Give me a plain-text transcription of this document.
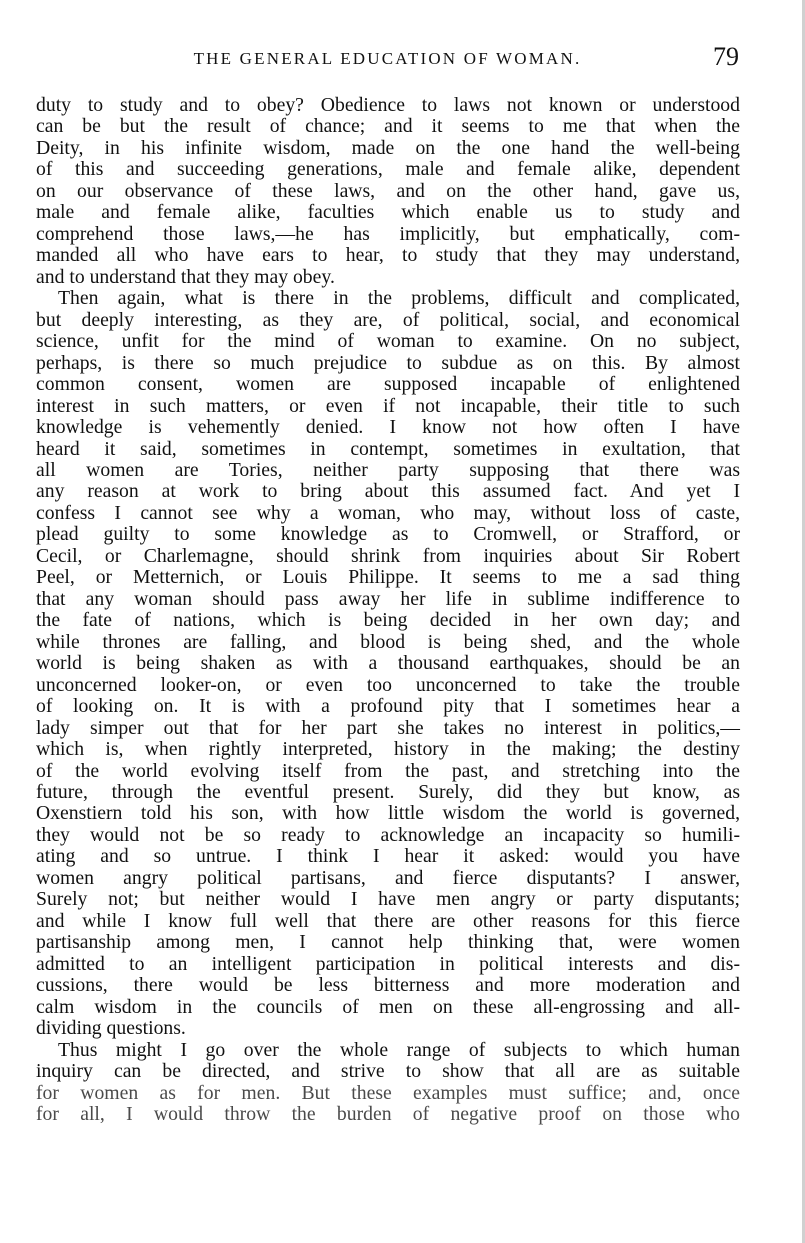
THE GENERAL EDUCATION OF WOMAN.	79
duty to study and to obey? Obedience to laws not known or understood
can be but the result of chance; and it seems to me that when the
Deity, in his infinite wisdom, made on the one hand the well-being
of this and succeeding generations, male and female alike, dependent
on our observance of these laws, and on the other hand, gave us,
male and female alike, faculties which enable us to study and
comprehend those laws,—he has implicitly, but emphatically, com-
manded all who have ears to hear, to study that they may understand,
and to understand that they may obey.
Then again, what is there in the problems, difficult and complicated,
but deeply interesting, as they are, of political, social, and economical
science, unfit for the mind of woman to examine. On no subject,
perhaps, is there so much prejudice to subdue as on this. By almost
common consent, women are supposed incapable of enlightened
interest in such matters, or even if not incapable, their title to such
knowledge is vehemently denied. I know not how often I have
heard it said, sometimes in contempt, sometimes in exultation, that
all women are Tories, neither party supposing that there was
any reason at work to bring about this assumed fact. And yet I
confess I cannot see why a woman, who may, without loss of caste,
plead guilty to some knowledge as to Cromwell, or Strafford, or
Cecil, or Charlemagne, should shrink from inquiries about Sir Robert
Peel, or Metternich, or Louis Philippe. It seems to me a sad thing
that any woman should pass away her life in sublime indifference to
the fate of nations, which is being decided in her own day; and
while thrones are falling, and blood is being shed, and the whole
world is being shaken as with a thousand earthquakes, should be an
unconcerned looker-on, or even too unconcerned to take the trouble
of looking on. It is with a profound pity that I sometimes hear a
lady simper out that for her part she takes no interest in politics,—
which is, when rightly interpreted, history in the making; the destiny
of the world evolving itself from the past, and stretching into the
future, through the eventful present. Surely, did they but know, as
Oxenstiern told his son, with how little wisdom the world is governed,
they would not be so ready to acknowledge an incapacity so humili-
ating and so untrue. I think I hear it asked: would you have
women angry political partisans, and fierce disputants? I answer,
Surely not; but neither would I have men angry or party disputants;
and while I know full well that there are other reasons for this fierce
partisanship among men, I cannot help thinking that, were women
admitted to an intelligent participation in political interests and dis-
cussions, there would be less bitterness and more moderation and
calm wisdom in the councils of men on these all-engrossing and all-
dividing questions.
Thus might I go over the whole range of subjects to which human
inquiry can be directed, and strive to show that all are as suitable
for women as for men. But these examples must suffice; and, once
for all, I would throw the burden of negative proof on those who
